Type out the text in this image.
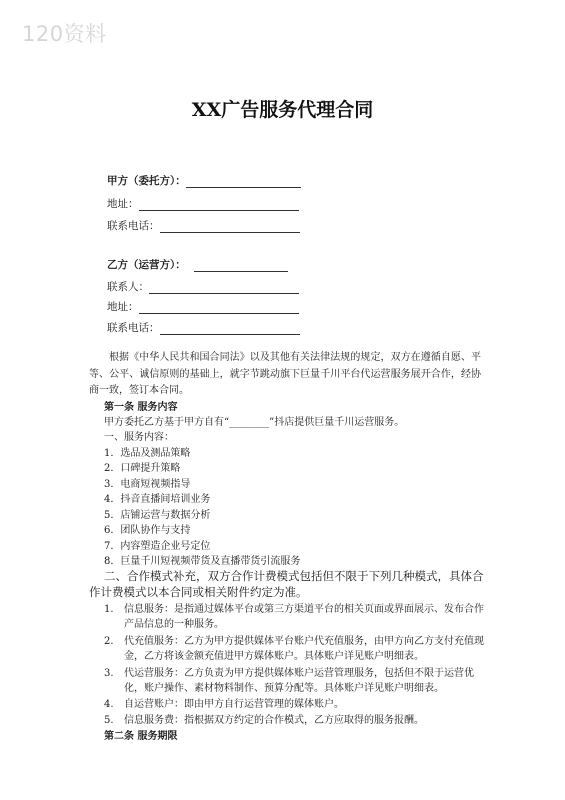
120资料
XX广告服务代理合同
甲方（委托方）：
地址：
联系电话：
乙方（运营方）：
联系人：
地址：
联系电话：
根据《中华人民共和国合同法》以及其他有关法律法规的规定，双方在遵循自愿、平等、公平、诚信原则的基础上，就字节跳动旗下巨量千川平台代运营服务展开合作，经协商一致，签订本合同。
第一条 服务内容
甲方委托乙方基于甲方自有“________”抖店提供巨量千川运营服务。
一、服务内容：
1．选品及测品策略
2．口碑提升策略
3．电商短视频指导
4．抖音直播间培训业务
5．店铺运营与数据分析
6．团队协作与支持
7．内容塑造企业号定位
8．巨量千川短视频带货及直播带货引流服务
二、合作模式补充，双方合作计费模式包括但不限于下列几种模式，具体合
作计费模式以本合同或相关附件约定为准。
1. 信息服务：是指通过媒体平台或第三方渠道平台的相关页面或界面展示、发布合作产品信息的一种服务。
2. 代充值服务：乙方为甲方提供媒体平台账户代充值服务，由甲方向乙方支付充值现金，乙方将该金额充值进甲方媒体账户。具体账户详见账户明细表。
3. 代运营服务：乙方负责为甲方提供媒体账户运营管理服务，包括但不限于运营优化，账户操作、素材物料制作、预算分配等。具体账户详见账户明细表。
4. 自运营账户：即由甲方自行运营管理的媒体账户。
5. 信息服务费：指根据双方约定的合作模式，乙方应取得的服务报酬。
第二条 服务期限
